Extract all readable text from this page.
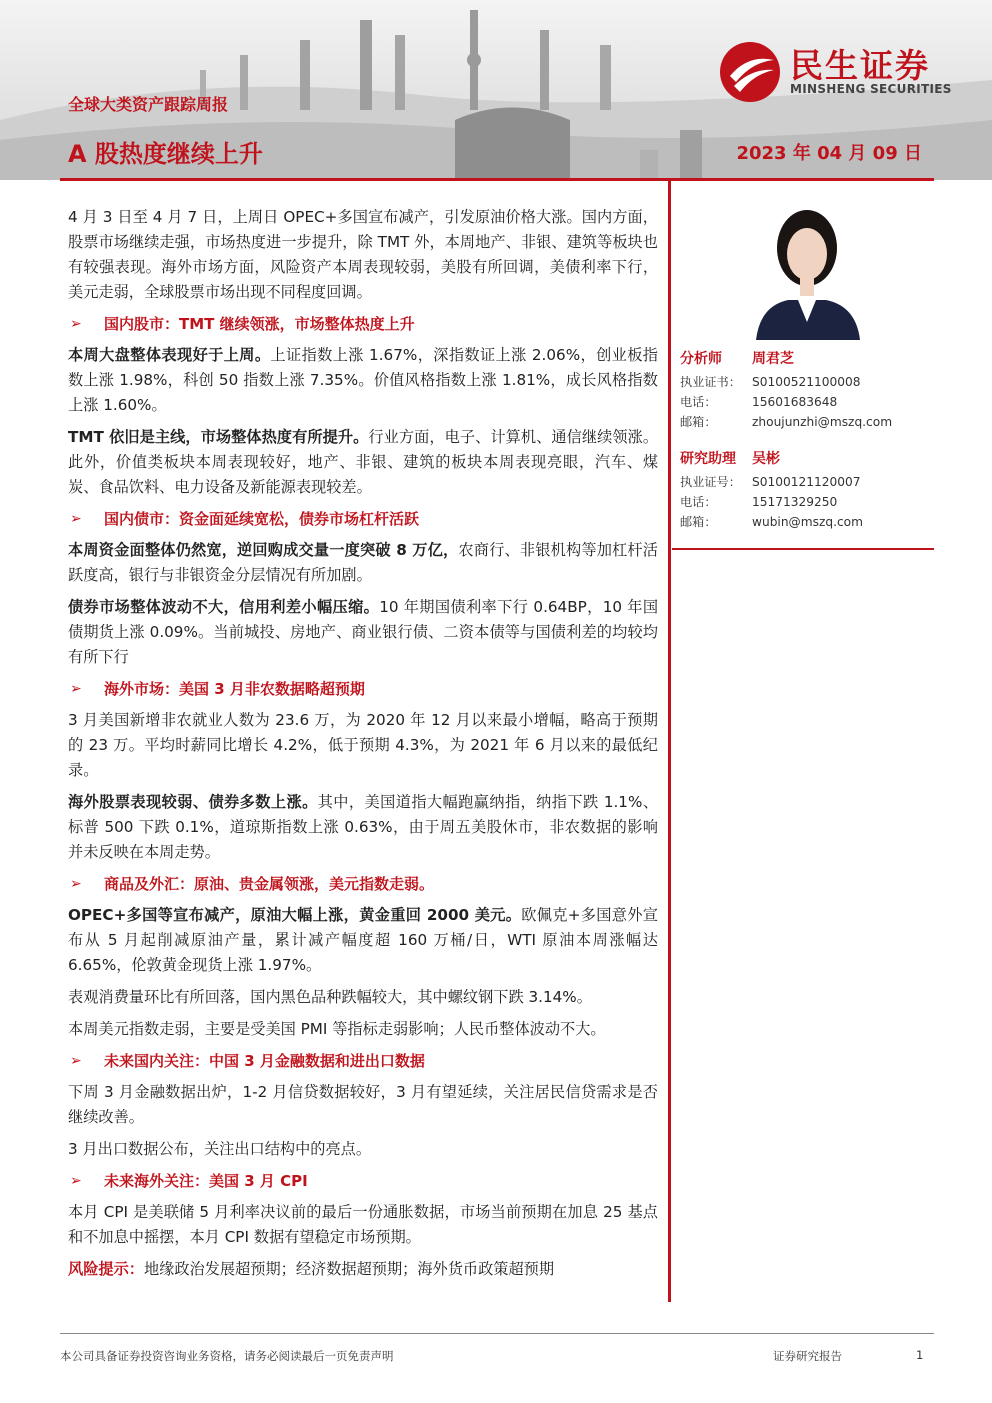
全球大类资产跟踪周报
A 股热度继续上升	2023 年 04 月 09 日
民生证券
MINSHENG SECURITIES

4 月 3 日至 4 月 7 日，上周日 OPEC+多国宣布减产，引发原油价格大涨。国内方面，股票市场继续走强，市场热度进一步提升，除 TMT 外，本周地产、非银、建筑等板块也有较强表现。海外市场方面，风险资产本周表现较弱，美股有所回调，美债利率下行，美元走弱，全球股票市场出现不同程度回调。

➢	国内股市：TMT 继续领涨，市场整体热度上升

本周大盘整体表现好于上周。上证指数上涨 1.67%，深指数证上涨 2.06%，创业板指数上涨 1.98%，科创 50 指数上涨 7.35%。价值风格指数上涨 1.81%，成长风格指数上涨 1.60%。

TMT 依旧是主线，市场整体热度有所提升。行业方面，电子、计算机、通信继续领涨。此外，价值类板块本周表现较好，地产、非银、建筑的板块本周表现亮眼，汽车、煤炭、食品饮料、电力设备及新能源表现较差。

➢	国内债市：资金面延续宽松，债券市场杠杆活跃

本周资金面整体仍然宽，逆回购成交量一度突破 8 万亿，农商行、非银机构等加杠杆活跃度高，银行与非银资金分层情况有所加剧。

债券市场整体波动不大，信用利差小幅压缩。10 年期国债利率下行 0.64BP，10 年国债期货上涨 0.09%。当前城投、房地产、商业银行债、二资本债等与国债利差的均较均有所下行

➢	海外市场：美国 3 月非农数据略超预期

3 月美国新增非农就业人数为 23.6 万，为 2020 年 12 月以来最小增幅，略高于预期的 23 万。平均时薪同比增长 4.2%，低于预期 4.3%，为 2021 年 6 月以来的最低纪录。

海外股票表现较弱、债券多数上涨。其中，美国道指大幅跑赢纳指，纳指下跌 1.1%、标普 500 下跌 0.1%，道琼斯指数上涨 0.63%，由于周五美股休市，非农数据的影响并未反映在本周走势。

➢	商品及外汇：原油、贵金属领涨，美元指数走弱。

OPEC+多国等宣布减产，原油大幅上涨，黄金重回 2000 美元。欧佩克+多国意外宣布从 5 月起削减原油产量，累计减产幅度超 160 万桶/日，WTI 原油本周涨幅达 6.65%，伦敦黄金现货上涨 1.97%。

表观消费量环比有所回落，国内黑色品种跌幅较大，其中螺纹钢下跌 3.14%。

本周美元指数走弱，主要是受美国 PMI 等指标走弱影响；人民币整体波动不大。

➢	未来国内关注：中国 3 月金融数据和进出口数据

下周 3 月金融数据出炉，1-2 月信贷数据较好，3 月有望延续，关注居民信贷需求是否继续改善。

3 月出口数据公布，关注出口结构中的亮点。

➢	未来海外关注：美国 3 月 CPI

本月 CPI 是美联储 5 月利率决议前的最后一份通胀数据，市场当前预期在加息 25 基点和不加息中摇摆，本月 CPI 数据有望稳定市场预期。

风险提示：地缘政治发展超预期；经济数据超预期；海外货币政策超预期

分析师	周君芝
执业证书： S0100521100008
电话：	15601683648
邮箱：	zhoujunzhi@mszq.com
研究助理	吴彬
执业证号： S0100121120007
电话：	15171329250
邮箱：	wubin@mszq.com
本公司具备证券投资咨询业务资格，请务必阅读最后一页免责声明	证券研究报告	1
